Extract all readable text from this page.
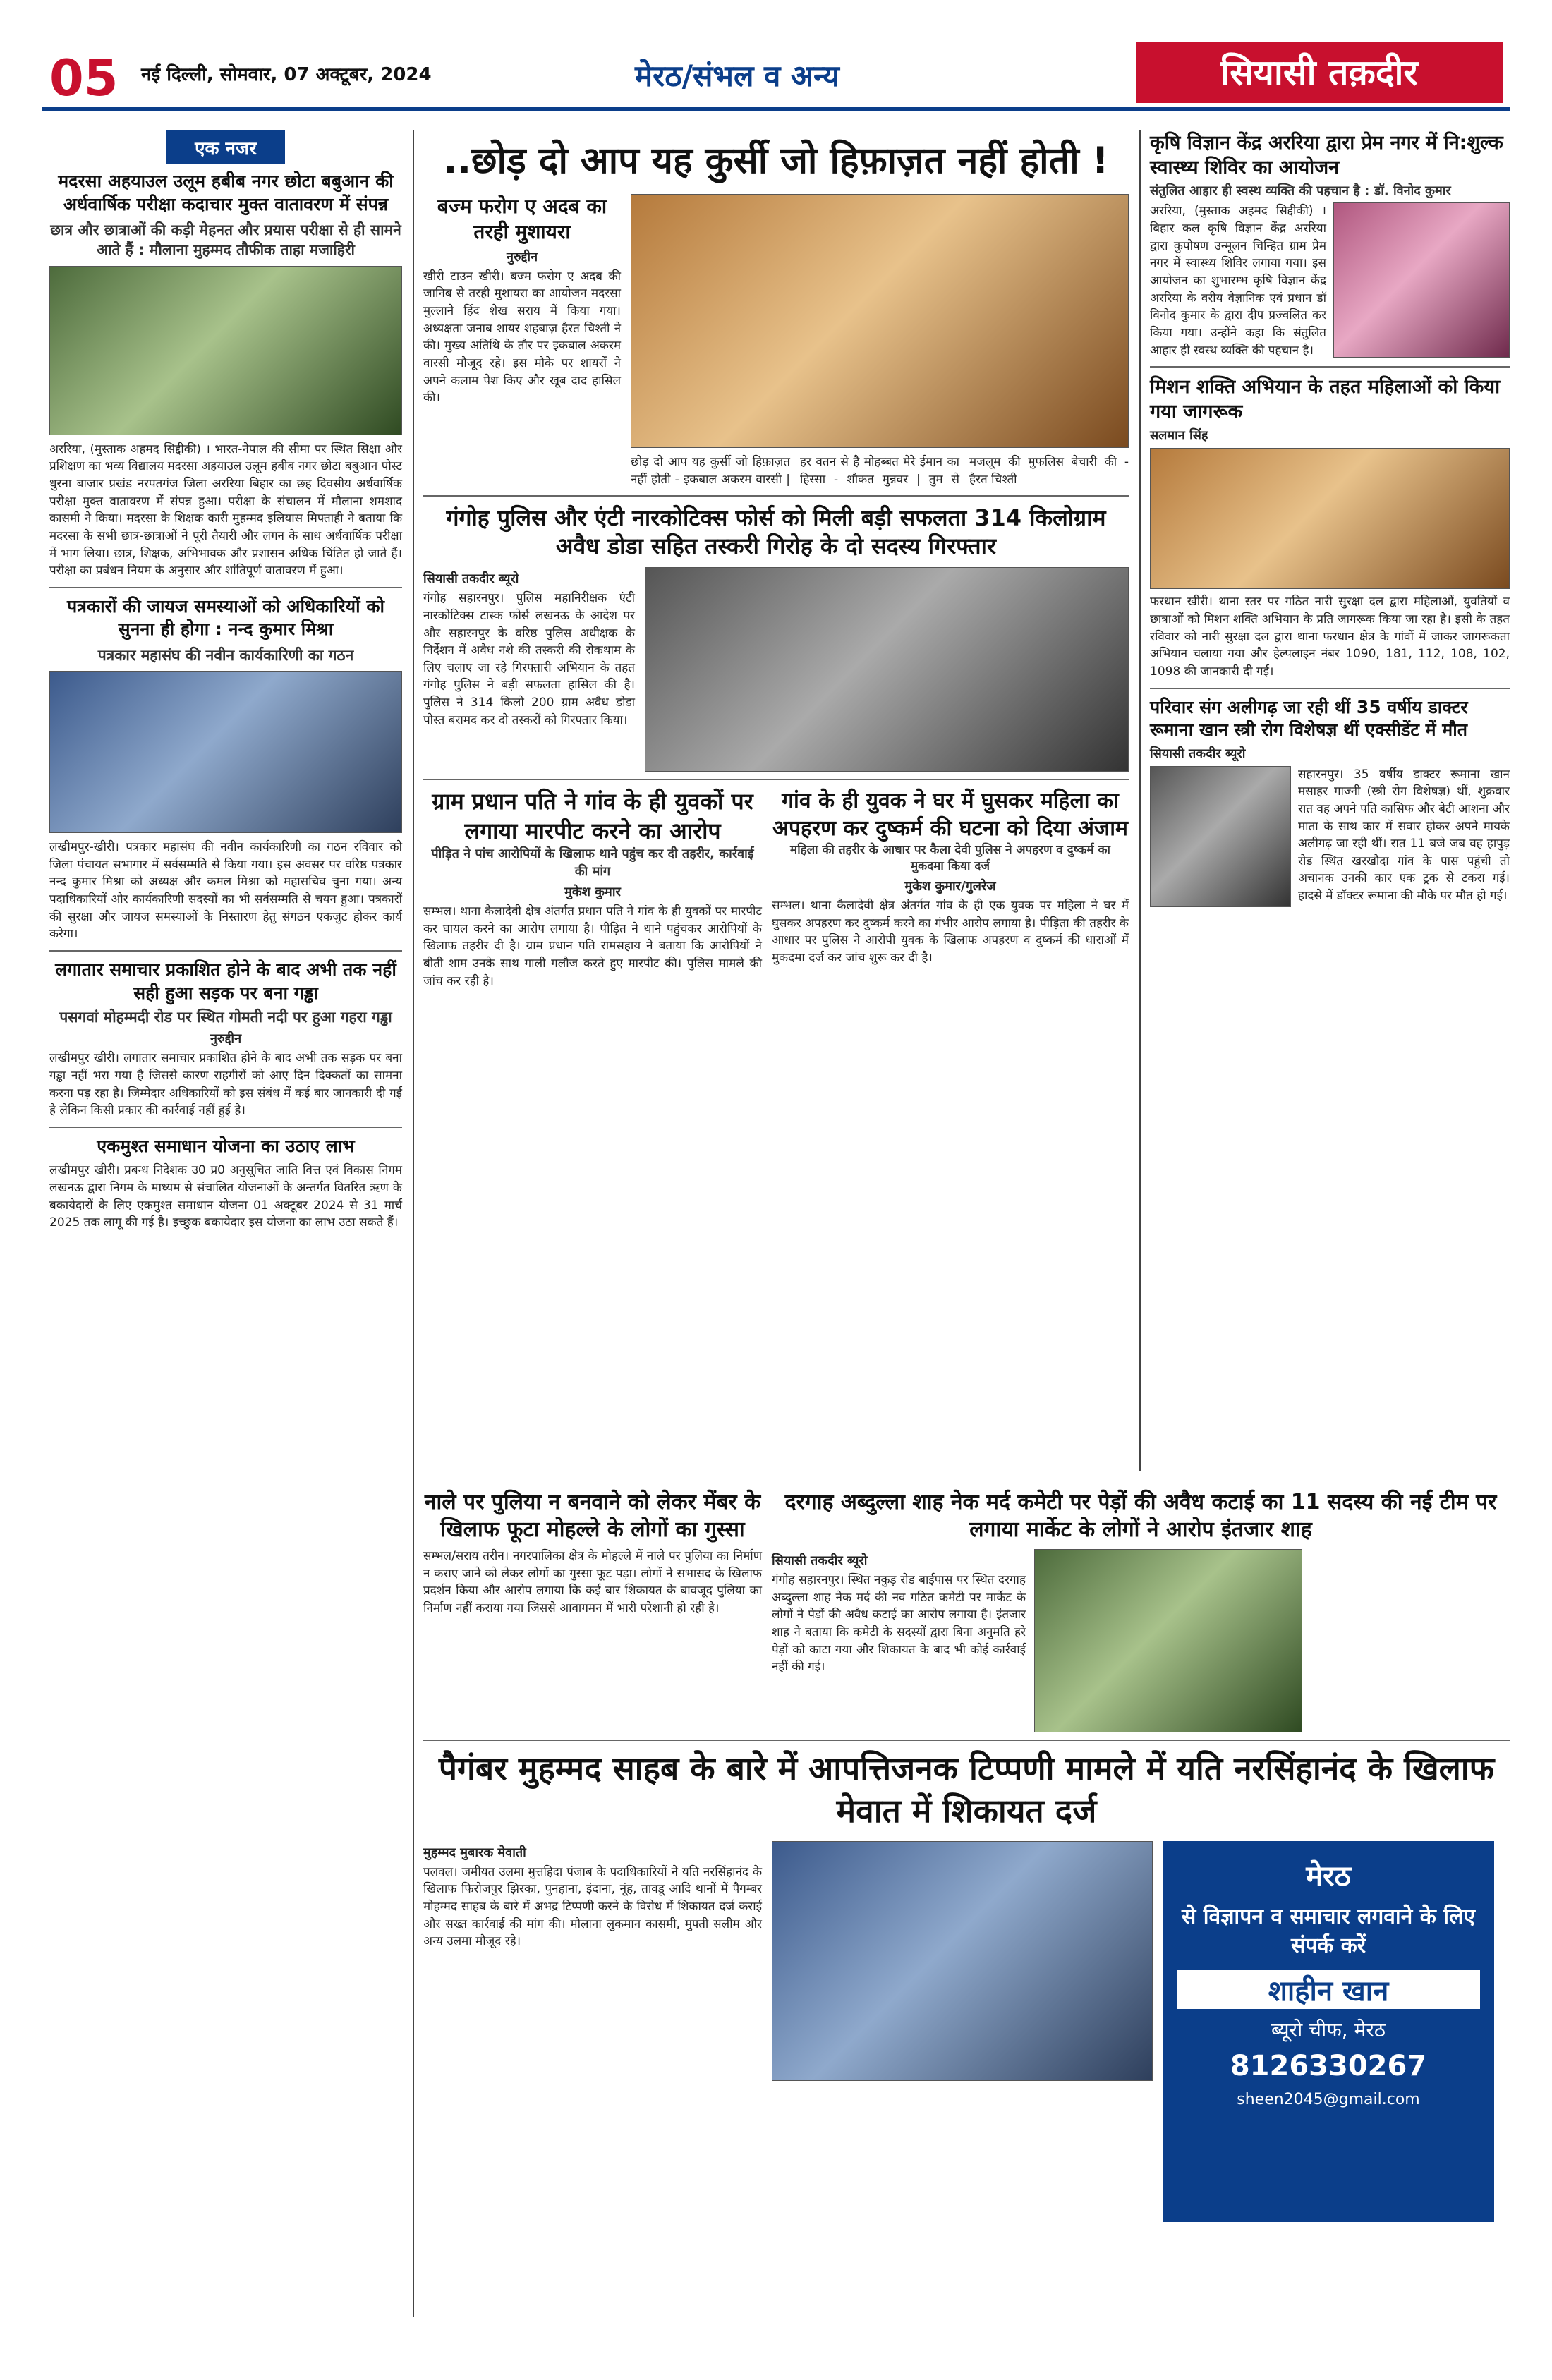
05 नई दिल्ली, सोमवार, 07 अक्टूबर, 2024	मेरठ/संभल व अन्य	सियासी तक़दीर
एक नजर
मदरसा अहयाउल उलूम हबीब नगर छोटा बबुआन की अर्धवार्षिक परीक्षा कदाचार मुक्त वातावरण में संपन्न
छात्र और छात्राओं की कड़ी मेहनत और प्रयास परीक्षा से ही सामने आते हैं : मौलाना मुहम्मद तौफीक ताहा मजाहिरी
अररिया, (मुस्ताक अहमद सिद्दीकी) । भारत-नेपाल की सीमा पर स्थित सिक्षा और प्रशिक्षण का भव्य विद्यालय मदरसा अहयाउल उलूम हबीब नगर छोटा बबुआन पोस्ट धुरना बाजार प्रखंड नरपतगंज जिला अररिया बिहार का छह दिवसीय अर्धवार्षिक परीक्षा मुक्त वातावरण में संपन्न हुआ। परीक्षा के संचालन में मौलाना शमशाद कासमी ने किया। मदरसा के शिक्षक कारी मुहम्मद इलियास मिफ्ताही ने बताया कि मदरसा के सभी छात्र-छात्राओं ने पूरी तैयारी और लगन के साथ अर्धवार्षिक परीक्षा में भाग लिया। छात्र, शिक्षक, अभिभावक और प्रशासन अधिक चिंतित हो जाते हैं। परीक्षा का प्रबंधन नियम के अनुसार और शांतिपूर्ण वातावरण में हुआ।
पत्रकारों की जायज समस्याओं को अधिकारियों को सुनना ही होगा : नन्द कुमार मिश्रा
पत्रकार महासंघ की नवीन कार्यकारिणी का गठन
लखीमपुर-खीरी। पत्रकार महासंघ की नवीन कार्यकारिणी का गठन रविवार को जिला पंचायत सभागार में सर्वसम्मति से किया गया। इस अवसर पर वरिष्ठ पत्रकार नन्द कुमार मिश्रा को अध्यक्ष और कमल मिश्रा को महासचिव चुना गया। अन्य पदाधिकारियों और कार्यकारिणी सदस्यों का भी सर्वसम्मति से चयन हुआ। पत्रकारों की सुरक्षा और जायज समस्याओं के निस्तारण हेतु संगठन एकजुट होकर कार्य करेगा।
लगातार समाचार प्रकाशित होने के बाद अभी तक नहीं सही हुआ सड़क पर बना गड्ढा
पसगवां मोहम्मदी रोड पर स्थित गोमती नदी पर हुआ गहरा गड्ढा
नुरुद्दीन
लखीमपुर खीरी। लगातार समाचार प्रकाशित होने के बाद अभी तक सड़क पर बना गड्ढा नहीं भरा गया है जिससे कारण राहगीरों को आए दिन दिक्कतों का सामना करना पड़ रहा है। जिम्मेदार अधिकारियों को इस संबंध में कई बार जानकारी दी गई है लेकिन किसी प्रकार की कार्रवाई नहीं हुई है।
एकमुश्त समाधान योजना का उठाए लाभ
लखीमपुर खीरी। प्रबन्ध निदेशक उ0 प्र0 अनुसूचित जाति वित्त एवं विकास निगम लखनऊ द्वारा निगम के माध्यम से संचालित योजनाओं के अन्तर्गत वितरित ऋण के बकायेदारों के लिए एकमुश्त समाधान योजना 01 अक्टूबर 2024 से 31 मार्च 2025 तक लागू की गई है। इच्छुक बकायेदार इस योजना का लाभ उठा सकते हैं।
..छोड़ दो आप यह कुर्सी जो हिफ़ाज़त नहीं होती !
बज्म फरोग ए अदब का तरही मुशायरा
नुरुद्दीन
खीरी टाउन खीरी। बज्म फरोग ए अदब की जानिब से तरही मुशायरा का आयोजन मदरसा मुल्लाने हिंद शेख सराय में किया गया। अध्यक्षता जनाब शायर शहबाज़ हैरत चिश्ती ने की। मुख्य अतिथि के तौर पर इकबाल अकरम वारसी मौजूद रहे। इस मौके पर शायरों ने अपने कलाम पेश किए और खूब दाद हासिल की।
छोड़ दो आप यह कुर्सी जो हिफ़ाज़त नहीं होती - इकबाल अकरम वारसी | हर वतन से है मोहब्बत मेरे ईमान का हिस्सा - शौकत मुन्नवर | तुम से मजलूम की मुफलिस बेचारी की - हैरत चिश्ती
गंगोह पुलिस और एंटी नारकोटिक्स फोर्स को मिली बड़ी सफलता 314 किलोग्राम अवैध डोडा सहित तस्करी गिरोह के दो सदस्य गिरफ्तार
सियासी तकदीर ब्यूरो
गंगोह सहारनपुर। पुलिस महानिरीक्षक एंटी नारकोटिक्स टास्क फोर्स लखनऊ के आदेश पर और सहारनपुर के वरिष्ठ पुलिस अधीक्षक के निर्देशन में अवैध नशे की तस्करी की रोकथाम के लिए चलाए जा रहे गिरफ्तारी अभियान के तहत गंगोह पुलिस ने बड़ी सफलता हासिल की है। पुलिस ने 314 किलो 200 ग्राम अवैध डोडा पोस्त बरामद कर दो तस्करों को गिरफ्तार किया।
ग्राम प्रधान पति ने गांव के ही युवकों पर लगाया मारपीट करने का आरोप
पीड़ित ने पांच आरोपियों के खिलाफ थाने पहुंच कर दी तहरीर, कार्रवाई की मांग
मुकेश कुमार
सम्भल। थाना कैलादेवी क्षेत्र अंतर्गत प्रधान पति ने गांव के ही युवकों पर मारपीट कर घायल करने का आरोप लगाया है। पीड़ित ने थाने पहुंचकर आरोपियों के खिलाफ तहरीर दी है। ग्राम प्रधान पति रामसहाय ने बताया कि आरोपियों ने बीती शाम उनके साथ गाली गलौज करते हुए मारपीट की। पुलिस मामले की जांच कर रही है।
गांव के ही युवक ने घर में घुसकर महिला का अपहरण कर दुष्कर्म की घटना को दिया अंजाम
महिला की तहरीर के आधार पर कैला देवी पुलिस ने अपहरण व दुष्कर्म का मुकदमा किया दर्ज
मुकेश कुमार/गुलरेज
सम्भल। थाना कैलादेवी क्षेत्र अंतर्गत गांव के ही एक युवक पर महिला ने घर में घुसकर अपहरण कर दुष्कर्म करने का गंभीर आरोप लगाया है। पीड़िता की तहरीर के आधार पर पुलिस ने आरोपी युवक के खिलाफ अपहरण व दुष्कर्म की धाराओं में मुकदमा दर्ज कर जांच शुरू कर दी है।
कृषि विज्ञान केंद्र अररिया द्वारा प्रेम नगर में नि:शुल्क स्वास्थ्य शिविर का आयोजन
संतुलित आहार ही स्वस्थ व्यक्ति की पहचान है : डॉ. विनोद कुमार
अररिया, (मुस्ताक अहमद सिद्दीकी) । बिहार कल कृषि विज्ञान केंद्र अररिया द्वारा कुपोषण उन्मूलन चिन्हित ग्राम प्रेम नगर में स्वास्थ्य शिविर लगाया गया। इस आयोजन का शुभारम्भ कृषि विज्ञान केंद्र अररिया के वरीय वैज्ञानिक एवं प्रधान डॉ विनोद कुमार के द्वारा दीप प्रज्वलित कर किया गया। उन्होंने कहा कि संतुलित आहार ही स्वस्थ व्यक्ति की पहचान है।
मिशन शक्ति अभियान के तहत महिलाओं को किया गया जागरूक
सलमान सिंह
फरधान खीरी। थाना स्तर पर गठित नारी सुरक्षा दल द्वारा महिलाओं, युवतियों व छात्राओं को मिशन शक्ति अभियान के प्रति जागरूक किया जा रहा है। इसी के तहत रविवार को नारी सुरक्षा दल द्वारा थाना फरधान क्षेत्र के गांवों में जाकर जागरूकता अभियान चलाया गया और हेल्पलाइन नंबर 1090, 181, 112, 108, 102, 1098 की जानकारी दी गई।
परिवार संग अलीगढ़ जा रही थीं 35 वर्षीय डाक्टर रूमाना खान स्त्री रोग विशेषज्ञ थीं एक्सीडेंट में मौत
सियासी तकदीर ब्यूरो
सहारनपुर। 35 वर्षीय डाक्टर रूमाना खान मसाहर गाज्नी (स्त्री रोग विशेषज्ञ) थीं, शुक्रवार रात वह अपने पति कासिफ और बेटी आशना और माता के साथ कार में सवार होकर अपने मायके अलीगढ़ जा रही थीं। रात 11 बजे जब वह हापुड़ रोड स्थित खरखौदा गांव के पास पहुंची तो अचानक उनकी कार एक ट्रक से टकरा गई। हादसे में डॉक्टर रूमाना की मौके पर मौत हो गई।
नाले पर पुलिया न बनवाने को लेकर मेंबर के खिलाफ फूटा मोहल्ले के लोगों का गुस्सा
सम्भल/सराय तरीन। नगरपालिका क्षेत्र के मोहल्ले में नाले पर पुलिया का निर्माण न कराए जाने को लेकर लोगों का गुस्सा फूट पड़ा। लोगों ने सभासद के खिलाफ प्रदर्शन किया और आरोप लगाया कि कई बार शिकायत के बावजूद पुलिया का निर्माण नहीं कराया गया जिससे आवागमन में भारी परेशानी हो रही है।
दरगाह अब्दुल्ला शाह नेक मर्द कमेटी पर पेड़ों की अवैध कटाई का 11 सदस्य की नई टीम पर लगाया मार्केट के लोगों ने आरोप इंतजार शाह
सियासी तकदीर ब्यूरो
गंगोह सहारनपुर। स्थित नकुड़ रोड बाईपास पर स्थित दरगाह अब्दुल्ला शाह नेक मर्द की नव गठित कमेटी पर मार्केट के लोगों ने पेड़ों की अवैध कटाई का आरोप लगाया है। इंतजार शाह ने बताया कि कमेटी के सदस्यों द्वारा बिना अनुमति हरे पेड़ों को काटा गया और शिकायत के बाद भी कोई कार्रवाई नहीं की गई।
पैगंबर मुहम्मद साहब के बारे में आपत्तिजनक टिप्पणी मामले में यति नरसिंहानंद के खिलाफ मेवात में शिकायत दर्ज
मुहम्मद मुबारक मेवाती
पलवल। जमीयत उलमा मुत्तहिदा पंजाब के पदाधिकारियों ने यति नरसिंहानंद के खिलाफ फिरोजपुर झिरका, पुनहाना, इंदाना, नूंह, तावडू आदि थानों में पैगम्बर मोहम्मद साहब के बारे में अभद्र टिप्पणी करने के विरोध में शिकायत दर्ज कराई और सख्त कार्रवाई की मांग की। मौलाना लुकमान कासमी, मुफ्ती सलीम और अन्य उलमा मौजूद रहे।
मेरठ
से विज्ञापन व समाचार लगवाने के लिए संपर्क करें
शाहीन खान
ब्यूरो चीफ, मेरठ
8126330267
sheen2045@gmail.com
